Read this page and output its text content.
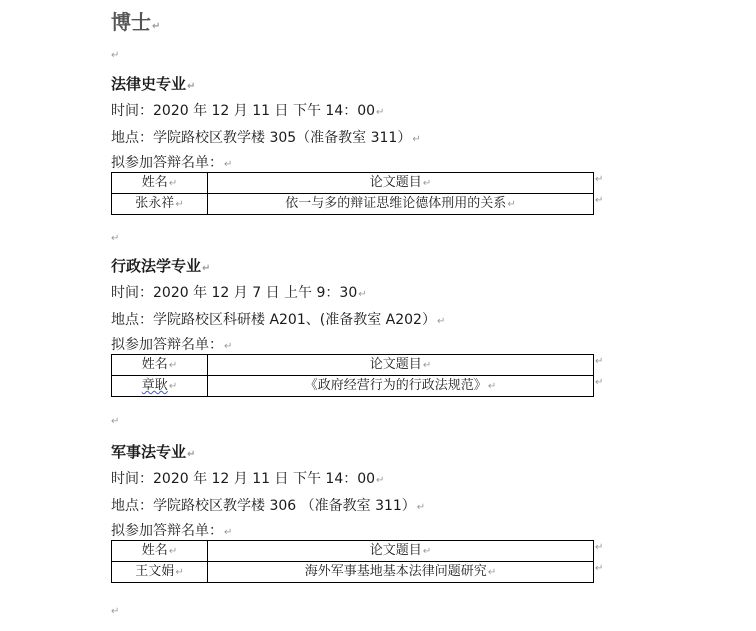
博士↵
↵
法律史专业↵
时间：2020 年 12 月 11 日 下午 14：00↵
地点：学院路校区教学楼 305（准备教室 311）↵
拟参加答辩名单：↵
姓名↵	论文题目↵
张永祥↵	依一与多的辩证思维论德体刑用的关系↵
↵
↵
↵
行政法学专业↵
时间：2020 年 12 月 7 日 上午 9：30↵
地点：学院路校区科研楼 A201、(准备教室 A202）↵
拟参加答辩名单：↵
姓名↵	论文题目↵
章耿↵	《政府经营行为的行政法规范》↵
↵
↵
↵
军事法专业↵
时间：2020 年 12 月 11 日 下午 14：00↵
地点：学院路校区教学楼 306 （准备教室 311）↵
拟参加答辩名单：↵
姓名↵	论文题目↵
王文娟↵	海外军事基地基本法律问题研究↵
↵
↵
↵
